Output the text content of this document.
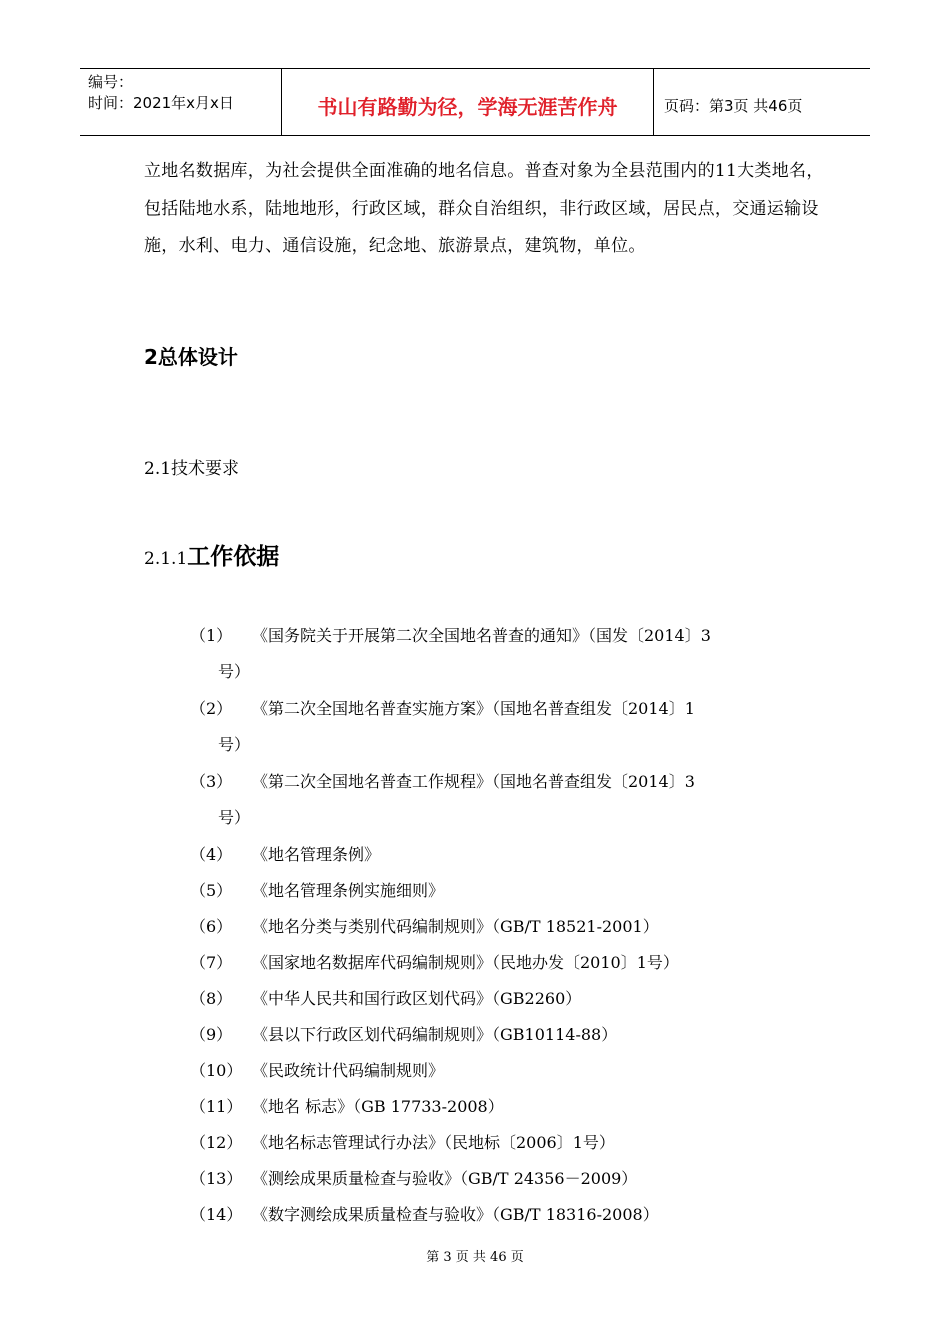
编号：
时间：2021年x月x日	书山有路勤为径，学海无涯苦作舟	页码：第3页 共46页
立地名数据库，为社会提供全面准确的地名信息。普查对象为全县范围内的11大类地名，包括陆地水系，陆地地形，行政区域，群众自治组织，非行政区域，居民点，交通运输设施，水利、电力、通信设施，纪念地、旅游景点，建筑物，单位。
2总体设计
2.1技术要求
2.1.1工作依据
（1） 《国务院关于开展第二次全国地名普查的通知》（国发〔2014〕3
号）
（2） 《第二次全国地名普查实施方案》（国地名普查组发〔2014〕1
号）
（3） 《第二次全国地名普查工作规程》（国地名普查组发〔2014〕3
号）
（4） 《地名管理条例》
（5） 《地名管理条例实施细则》
（6） 《地名分类与类别代码编制规则》（GB/T 18521-2001）
（7） 《国家地名数据库代码编制规则》（民地办发〔2010〕1号）
（8） 《中华人民共和国行政区划代码》（GB2260）
（9） 《县以下行政区划代码编制规则》（GB10114-88）
（10） 《民政统计代码编制规则》
（11） 《地名 标志》（GB 17733-2008）
（12） 《地名标志管理试行办法》（民地标〔2006〕1号）
（13） 《测绘成果质量检查与验收》（GB/T 24356－2009）
（14） 《数字测绘成果质量检查与验收》（GB/T 18316-2008）
第 3 页 共 46 页
